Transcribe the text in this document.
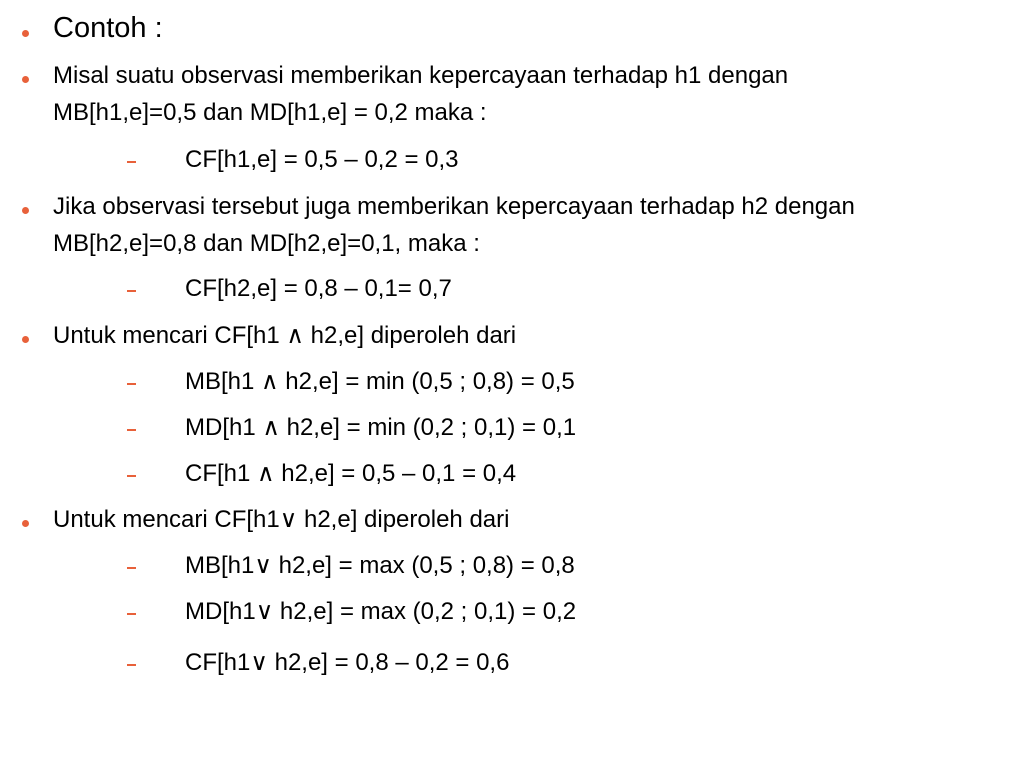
Contoh :
Misal suatu observasi memberikan kepercayaan terhadap h1 dengan
MB[h1,e]=0,5 dan MD[h1,e] = 0,2 maka :
CF[h1,e] = 0,5 – 0,2 = 0,3
Jika observasi tersebut juga memberikan kepercayaan terhadap h2 dengan
MB[h2,e]=0,8 dan MD[h2,e]=0,1, maka :
CF[h2,e] = 0,8 – 0,1= 0,7
Untuk mencari CF[h1 ∧ h2,e] diperoleh dari
MB[h1 ∧ h2,e] = min (0,5 ; 0,8) = 0,5
MD[h1 ∧ h2,e] = min (0,2 ; 0,1) = 0,1
CF[h1 ∧ h2,e] = 0,5 – 0,1 = 0,4
Untuk mencari CF[h1∨ h2,e] diperoleh dari
MB[h1∨ h2,e] = max (0,5 ; 0,8) = 0,8
MD[h1∨ h2,e] = max (0,2 ; 0,1) = 0,2
CF[h1∨ h2,e] = 0,8 – 0,2 = 0,6
